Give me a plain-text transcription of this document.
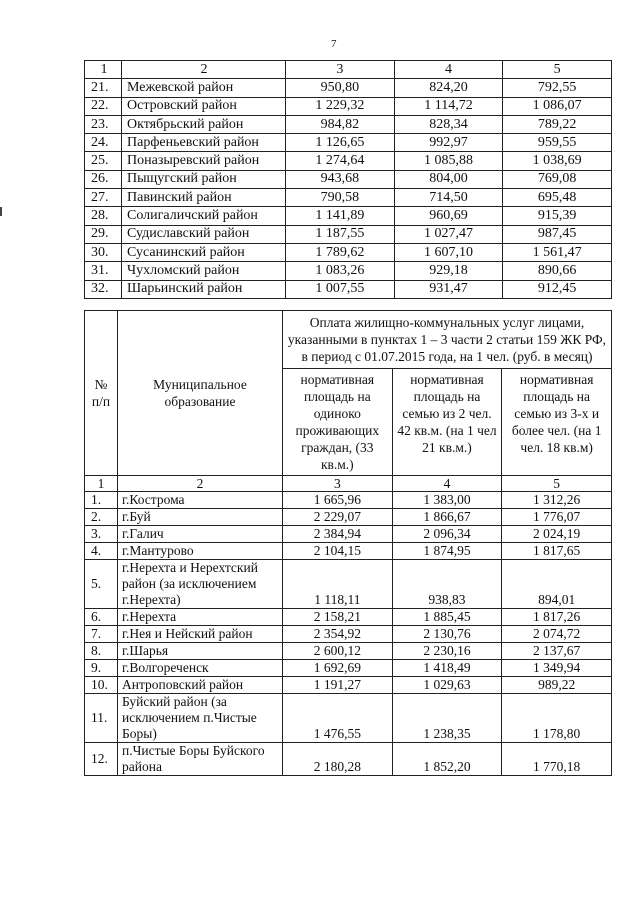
7
1	2	3	4	5
21.	Межевской район	950,80	824,20	792,55
22.	Островский район	1 229,32	1 114,72	1 086,07
23.	Октябрьский район	984,82	828,34	789,22
24.	Парфеньевский район	1 126,65	992,97	959,55
25.	Поназыревский район	1 274,64	1 085,88	1 038,69
26.	Пыщугский район	943,68	804,00	769,08
27.	Павинский район	790,58	714,50	695,48
28.	Солигаличский район	1 141,89	960,69	915,39
29.	Судиславский район	1 187,55	1 027,47	987,45
30.	Сусанинский район	1 789,62	1 607,10	1 561,47
31.	Чухломский район	1 083,26	929,18	890,66
32.	Шарьинский район	1 007,55	931,47	912,45
№ п/п	Муниципальное образование	Оплата жилищно-коммунальных услуг лицами, указанными в пунктах 1 – 3 части 2 статьи 159 ЖК РФ, в период с 01.07.2015 года, на 1 чел. (руб. в месяц)		
		нормативная площадь на одиноко проживающих граждан, (33 кв.м.)	нормативная площадь на семью из 2 чел. 42 кв.м. (на 1 чел 21 кв.м.)	нормативная площадь на семью из 3-х и более чел. (на 1 чел. 18 кв.м)
1	2	3	4	5
1.	г.Кострома	1 665,96	1 383,00	1 312,26
2.	г.Буй	2 229,07	1 866,67	1 776,07
3.	г.Галич	2 384,94	2 096,34	2 024,19
4.	г.Мантурово	2 104,15	1 874,95	1 817,65
5.	г.Нерехта и Нерехтский район (за исключением г.Нерехта)	1 118,11	938,83	894,01
6.	г.Нерехта	2 158,21	1 885,45	1 817,26
7.	г.Нея и Нейский район	2 354,92	2 130,76	2 074,72
8.	г.Шарья	2 600,12	2 230,16	2 137,67
9.	г.Волгореченск	1 692,69	1 418,49	1 349,94
10.	Антроповский район	1 191,27	1 029,63	989,22
11.	Буйский район (за исключением п.Чистые Боры)	1 476,55	1 238,35	1 178,80
12.	п.Чистые Боры Буйского района	2 180,28	1 852,20	1 770,18
